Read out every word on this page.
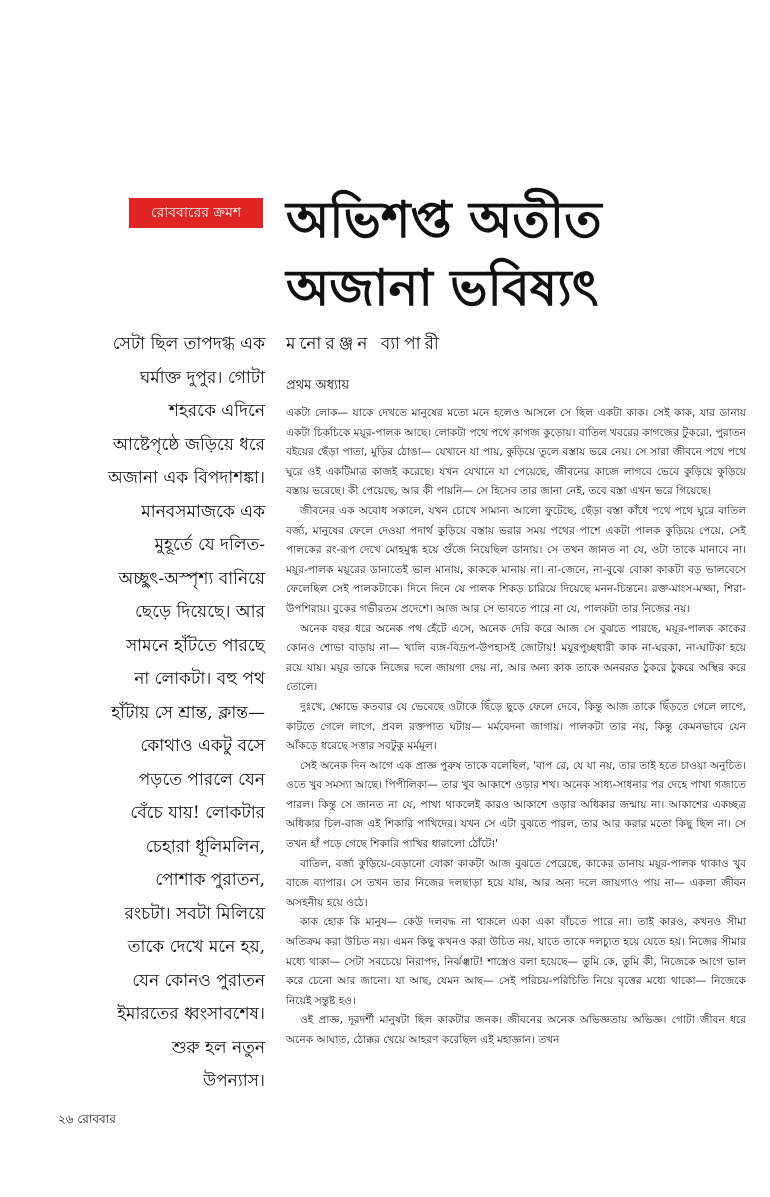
রোববারের ক্রমশ অভিশপ্ত অতীত
অজানা ভবিষ্যৎ
মনোরঞ্জন ব্যাপারী
প্রথম অধ্যায়
সেটা ছিল তাপদগ্ধ এক
ঘর্মাক্ত দুপুর। গোটা
শহরকে এদিনে
আষ্টেপৃষ্ঠে জড়িয়ে ধরে
অজানা এক বিপদাশঙ্কা।
মানবসমাজকে এক
মুহূর্তে যে দলিত-
অচ্ছুৎ-অস্পৃশ্য বানিয়ে
ছেড়ে দিয়েছে। আর
সামনে হাঁটতে পারছে
না লোকটা। বহু পথ
হাঁটায় সে শ্রান্ত, ক্লান্ত—
কোথাও একটু বসে
পড়তে পারলে যেন
বেঁচে যায়! লোকটার
চেহারা ধূলিমলিন,
পোশাক পুরাতন,
রংচটা। সবটা মিলিয়ে
তাকে দেখে মনে হয়,
যেন কোনও পুরাতন
ইমারতের ধ্বংসাবশেষ।
শুরু হল নতুন
উপন্যাস।

একটা লোক— যাকে দেখতে মানুষের মতো মনে হলেও আসলে সে ছিল একটা কাক। সেই কাক, যার ডানায় একটা চিকচিকে ময়ূর-পালক আছে। লোকটা পথে পথে কাগজ কুড়োয়। বাতিল খবরের কাগজের টুকরো, পুরাতন বইয়ের ছেঁড়া পাতা, মুড়ির ঠোঙা— যেখানে যা পায়, কুড়িয়ে তুলে বস্তায় ভরে নেয়। সে সারা জীবনে পথে পথে ঘুরে ওই একটিমাত্র কাজই করেছে। যখন যেখানে যা পেয়েছে, জীবনের কাজে লাগবে ভেবে কুড়িয়ে কুড়িয়ে বস্তায় ভরেছে। কী পেয়েছে, আর কী পায়নি— সে হিসেব তার জানা নেই, তবে বস্তা এখন ভরে গিয়েছে।

জীবনের এক অবোধ সকালে, যখন চোখে সামান্য আলো ফুটেছে, ছেঁড়া বস্তা কাঁধে পথে পথে ঘুরে বাতিল বর্জ্য, মানুষের ফেলে দেওয়া পদার্থ কুড়িয়ে বস্তায় ভরার সময় পথের পাশে একটা পালক কুড়িয়ে পেয়ে, সেই পালকের রং-রূপ দেখে মোহমুগ্ধ হয়ে গুঁজে নিয়েছিল ডানায়। সে তখন জানত না যে, ওটা তাকে মানাবে না। ময়ূর-পালক ময়ূরের ডানাতেই ভাল মানায়, কাককে মানায় না। না-জেনে, না-বুঝে বোকা কাকটা বড় ভালবেসে ফেলেছিল সেই পালকটাকে। দিনে দিনে যে পালক শিকড় চারিয়ে দিয়েছে মনন-চিন্তনে। রক্ত-মাংস-মজ্জা, শিরা-উপশিরায়। বুকের গভীরতম প্রদেশে। আজ আর সে ভাবতে পারে না যে, পালকটা তার নিজের নয়।

অনেক বছর ধরে অনেক পথ হেঁটে এসে, অনেক দেরি করে আজ সে বুঝতে পারছে, ময়ূর-পালক কাকের কোনও শোভা বাড়ায় না— খালি ব্যঙ্গ-বিদ্রূপ-উপহাসই জোটায়! ময়ূরপুচ্ছধারী কাক না-ঘরকা, না-ঘাটকা হয়ে রয়ে যায়। ময়ূর তাকে নিজের দলে জায়গা দেয় না, আর অন্য কাক তাকে অনবরত ঠুকরে ঠুকরে অস্থির করে তোলে।

দুঃখে, ক্ষোভে কতবার যে ভেবেছে ওটাকে ছিঁড়ে ছুড়ে ফেলে দেবে, কিন্তু আজ তাকে ছিঁড়তে গেলে লাগে, কাটতে গেলে লাগে, প্রবল রক্তপাত ঘটায়— মর্মবেদনা জাগায়। পালকটা তার নয়, কিন্তু কেমনভাবে যেন আঁকড়ে ধরেছে সত্তার সবটুকু মর্মমূল।

সেই অনেক দিন আগে এক প্রাজ্ঞ পুরুষ তাকে বলেছিল, 'বাপ রে, যে যা নয়, তার তাই হতে চাওয়া অনুচিত। ওতে খুব সমস্যা আছে। পিপীলিকা— তার খুব আকাশে ওড়ার শখ। অনেক সাধ্য-সাধনার পর দেহে পাখা গজাতে পারল। কিন্তু সে জানত না যে, পাখা থাকলেই কারও আকাশে ওড়ার অধিকার জন্মায় না। আকাশের একচ্ছত্র অধিকার চিল-বাজ এই শিকারি পাখিদের। যখন সে এটা বুঝতে পারল, তার আর করার মতো কিছু ছিল না। সে তখন হাঁ পড়ে গেছে শিকারি পাখির ধারালো ঠোঁটে।'

বাতিল, বর্জ্য কুড়িয়ে-বেড়ানো বোকা কাকটা আজ বুঝতে পেরেছে, কাকের ডানায় ময়ূর-পালক থাকাও খুব বাজে ব্যাপার। সে তখন তার নিজের দলছাড়া হয়ে যায়, আর অন্য দলে জায়গাও পায় না— একলা জীবন অসহনীয় হয়ে ওঠে।

কাক হোক কি মানুষ— কেউ দলবদ্ধ না থাকলে একা একা বাঁচতে পারে না। তাই কারও, কখনও সীমা অতিক্রম করা উচিত নয়। এমন কিছু কখনও করা উচিত নয়, যাতে তাকে দলচ্যুত হয়ে যেতে হয়। নিজের সীমার মধ্যে থাকা— সেটা সবচেয়ে নিরাপদ, নির্ঝঞ্ঝাট! শাস্ত্রেও বলা হয়েছে— তুমি কে, তুমি কী, নিজেকে আগে ভাল করে চেনো আর জানো। যা আছ, যেমন আছ— সেই পরিচয়-পরিচিতি নিয়ে বৃত্তের মধ্যে থাকো— নিজেকে নিয়েই সন্তুষ্ট হও।

ওই প্রাজ্ঞ, দূরদর্শী মানুষটা ছিল কাকটার জনক। জীবনের অনেক অভিজ্ঞতায় অভিজ্ঞ। গোটা জীবন ধরে অনেক আঘাত, ঠোক্কর খেয়ে আহরণ করেছিল এই মহাজ্ঞান। তখন

২৬ রোববার
